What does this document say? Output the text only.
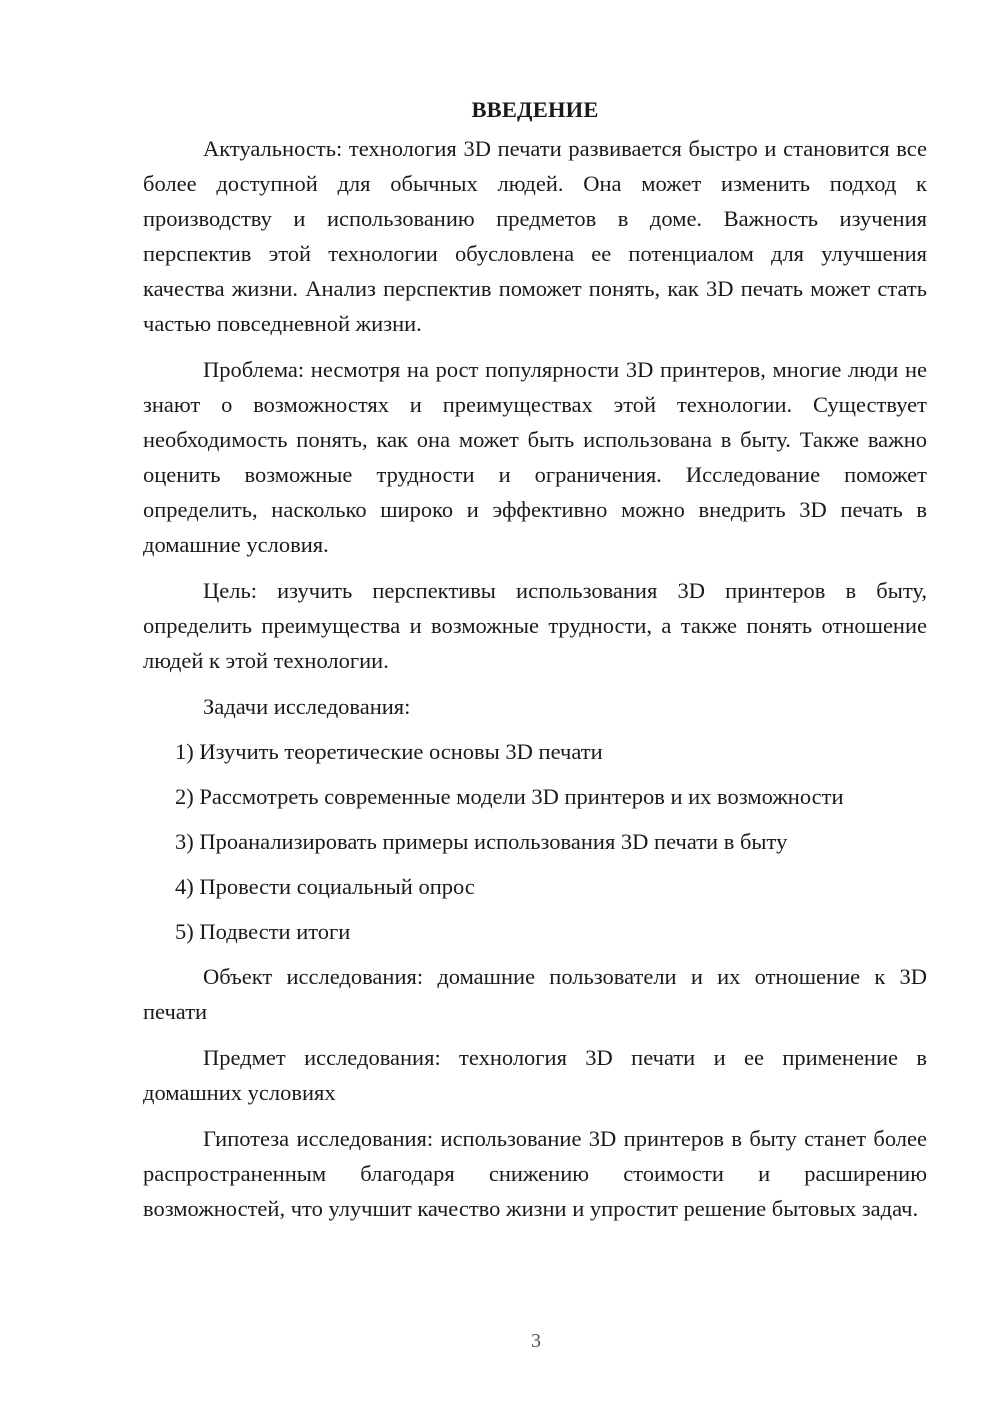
ВВЕДЕНИЕ

Актуальность: технология 3D печати развивается быстро и становится все более доступной для обычных людей. Она может изменить подход к производству и использованию предметов в доме. Важность изучения перспектив этой технологии обусловлена ее потенциалом для улучшения качества жизни. Анализ перспектив поможет понять, как 3D печать может стать частью повседневной жизни.

Проблема: несмотря на рост популярности 3D принтеров, многие люди не знают о возможностях и преимуществах этой технологии. Существует необходимость понять, как она может быть использована в быту. Также важно оценить возможные трудности и ограничения. Исследование поможет определить, насколько широко и эффективно можно внедрить 3D печать в домашние условия.

Цель: изучить перспективы использования 3D принтеров в быту, определить преимущества и возможные трудности, а также понять отношение людей к этой технологии.

Задачи исследования:

1) Изучить теоретические основы 3D печати
2) Рассмотреть современные модели 3D принтеров и их возможности
3) Проанализировать примеры использования 3D печати в быту
4) Провести социальный опрос
5) Подвести итоги

Объект исследования: домашние пользователи и их отношение к 3D печати

Предмет исследования: технология 3D печати и ее применение в домашних условиях

Гипотеза исследования: использование 3D принтеров в быту станет более распространенным благодаря снижению стоимости и расширению возможностей, что улучшит качество жизни и упростит решение бытовых задач.

3
